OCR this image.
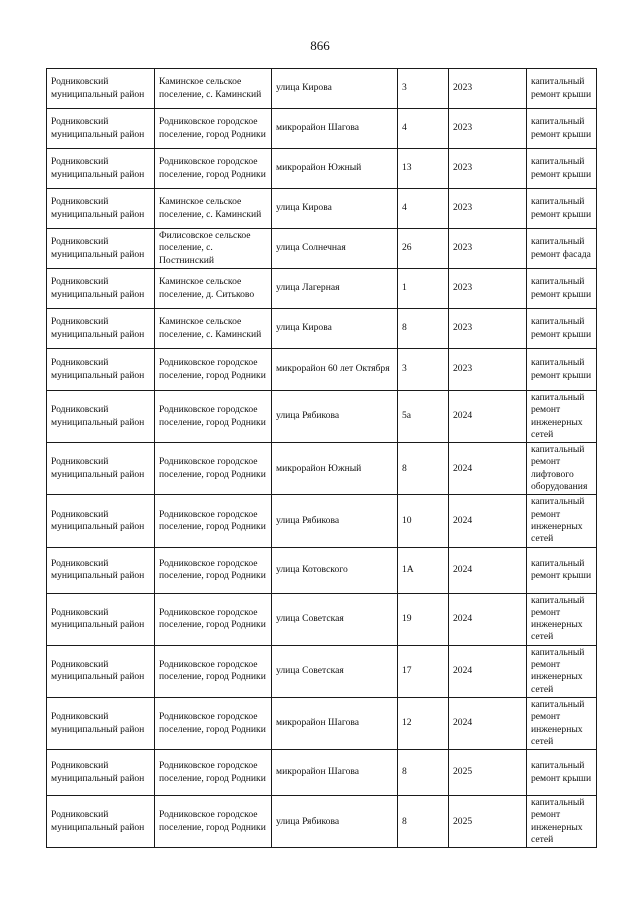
866
Родниковский муниципальный район	Каминское сельское поселение, с. Каминский	улица Кирова	3	2023	капитальный ремонт крыши
Родниковский муниципальный район	Родниковское городское поселение, город Родники	микрорайон Шагова	4	2023	капитальный ремонт крыши
Родниковский муниципальный район	Родниковское городское поселение, город Родники	микрорайон Южный	13	2023	капитальный ремонт крыши
Родниковский муниципальный район	Каминское сельское поселение, с. Каминский	улица Кирова	4	2023	капитальный ремонт крыши
Родниковский муниципальный район	Филисовское сельское поселение, с. Постнинский	улица Солнечная	26	2023	капитальный ремонт фасада
Родниковский муниципальный район	Каминское сельское поселение, д. Ситьково	улица Лагерная	1	2023	капитальный ремонт крыши
Родниковский муниципальный район	Каминское сельское поселение, с. Каминский	улица Кирова	8	2023	капитальный ремонт крыши
Родниковский муниципальный район	Родниковское городское поселение, город Родники	микрорайон 60 лет Октября	3	2023	капитальный ремонт крыши
Родниковский муниципальный район	Родниковское городское поселение, город Родники	улица Рябикова	5а	2024	капитальный ремонт инженерных сетей
Родниковский муниципальный район	Родниковское городское поселение, город Родники	микрорайон Южный	8	2024	капитальный ремонт лифтового оборудования
Родниковский муниципальный район	Родниковское городское поселение, город Родники	улица Рябикова	10	2024	капитальный ремонт инженерных сетей
Родниковский муниципальный район	Родниковское городское поселение, город Родники	улица Котовского	1А	2024	капитальный ремонт крыши
Родниковский муниципальный район	Родниковское городское поселение, город Родники	улица Советская	19	2024	капитальный ремонт инженерных сетей
Родниковский муниципальный район	Родниковское городское поселение, город Родники	улица Советская	17	2024	капитальный ремонт инженерных сетей
Родниковский муниципальный район	Родниковское городское поселение, город Родники	микрорайон Шагова	12	2024	капитальный ремонт инженерных сетей
Родниковский муниципальный район	Родниковское городское поселение, город Родники	микрорайон Шагова	8	2025	капитальный ремонт крыши
Родниковский муниципальный район	Родниковское городское поселение, город Родники	улица Рябикова	8	2025	капитальный ремонт инженерных сетей
